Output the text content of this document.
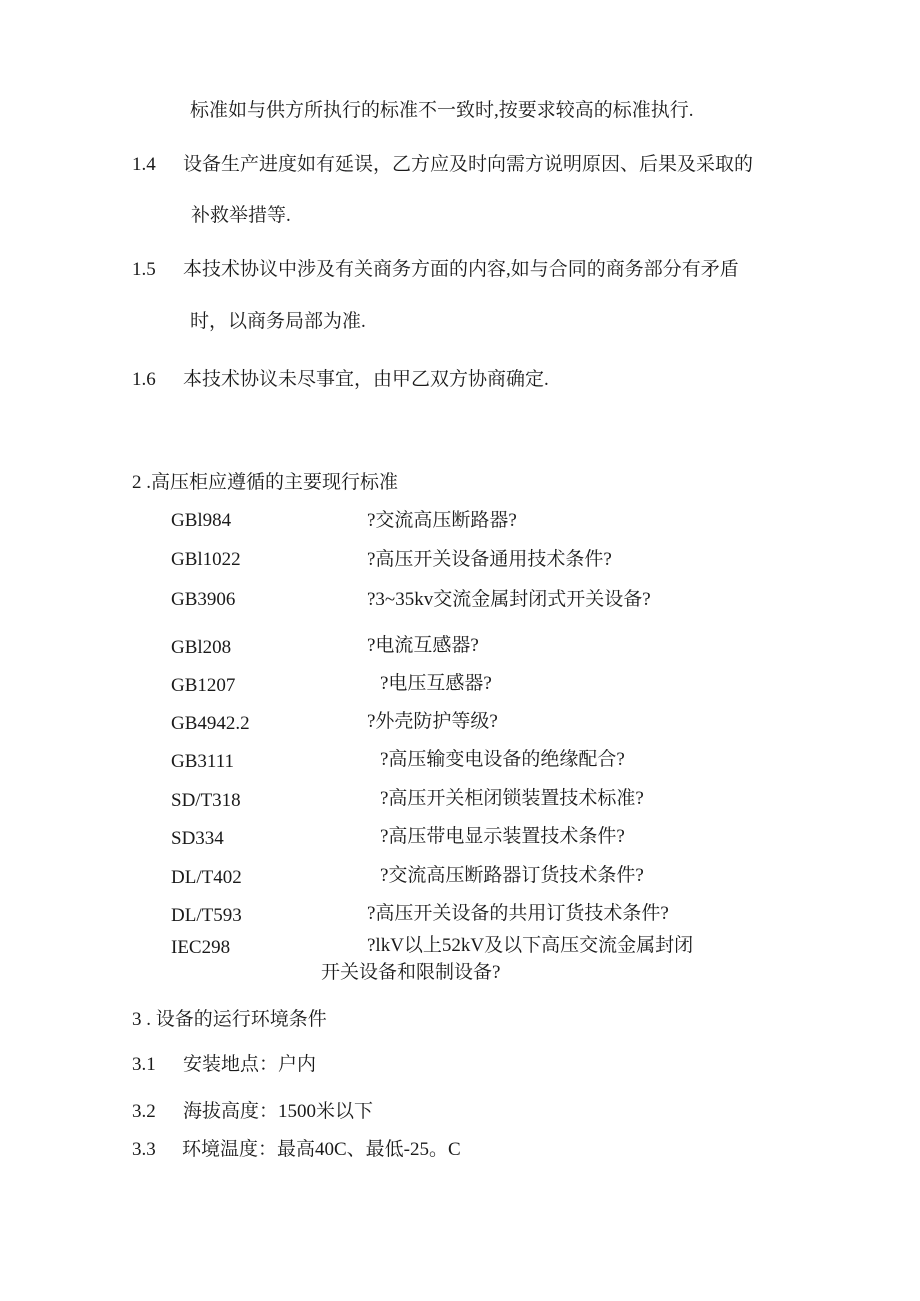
标准如与供方所执行的标准不一致时,按要求较高的标准执行.
1.4 设备生产进度如有延误，乙方应及时向需方说明原因、后果及采取的
补救举措等.
1.5 本技术协议中涉及有关商务方面的内容,如与合同的商务部分有矛盾
时，以商务局部为准.
1.6 本技术协议未尽事宜，由甲乙双方协商确定.
2 .高压柜应遵循的主要现行标准
GBl984	?交流高压断路器?
GBl1022	?高压开关设备通用技术条件?
GB3906	?3~35kv交流金属封闭式开关设备?
GBl208	?电流互感器?
GB1207	?电压互感器?
GB4942.2	?外壳防护等级?
GB3111	?高压输变电设备的绝缘配合?
SD/T318	?高压开关柜闭锁装置技术标准?
SD334	?高压带电显示装置技术条件?
DL/T402	?交流高压断路器订货技术条件?
DL/T593	?高压开关设备的共用订货技术条件?
IEC298	?lkV以上52kV及以下高压交流金属封闭
开关设备和限制设备?
3 . 设备的运行环境条件
3.1 安装地点：户内
3.2 海拔高度：1500米以下
3.3 环境温度：最高40C、最低-25。C
